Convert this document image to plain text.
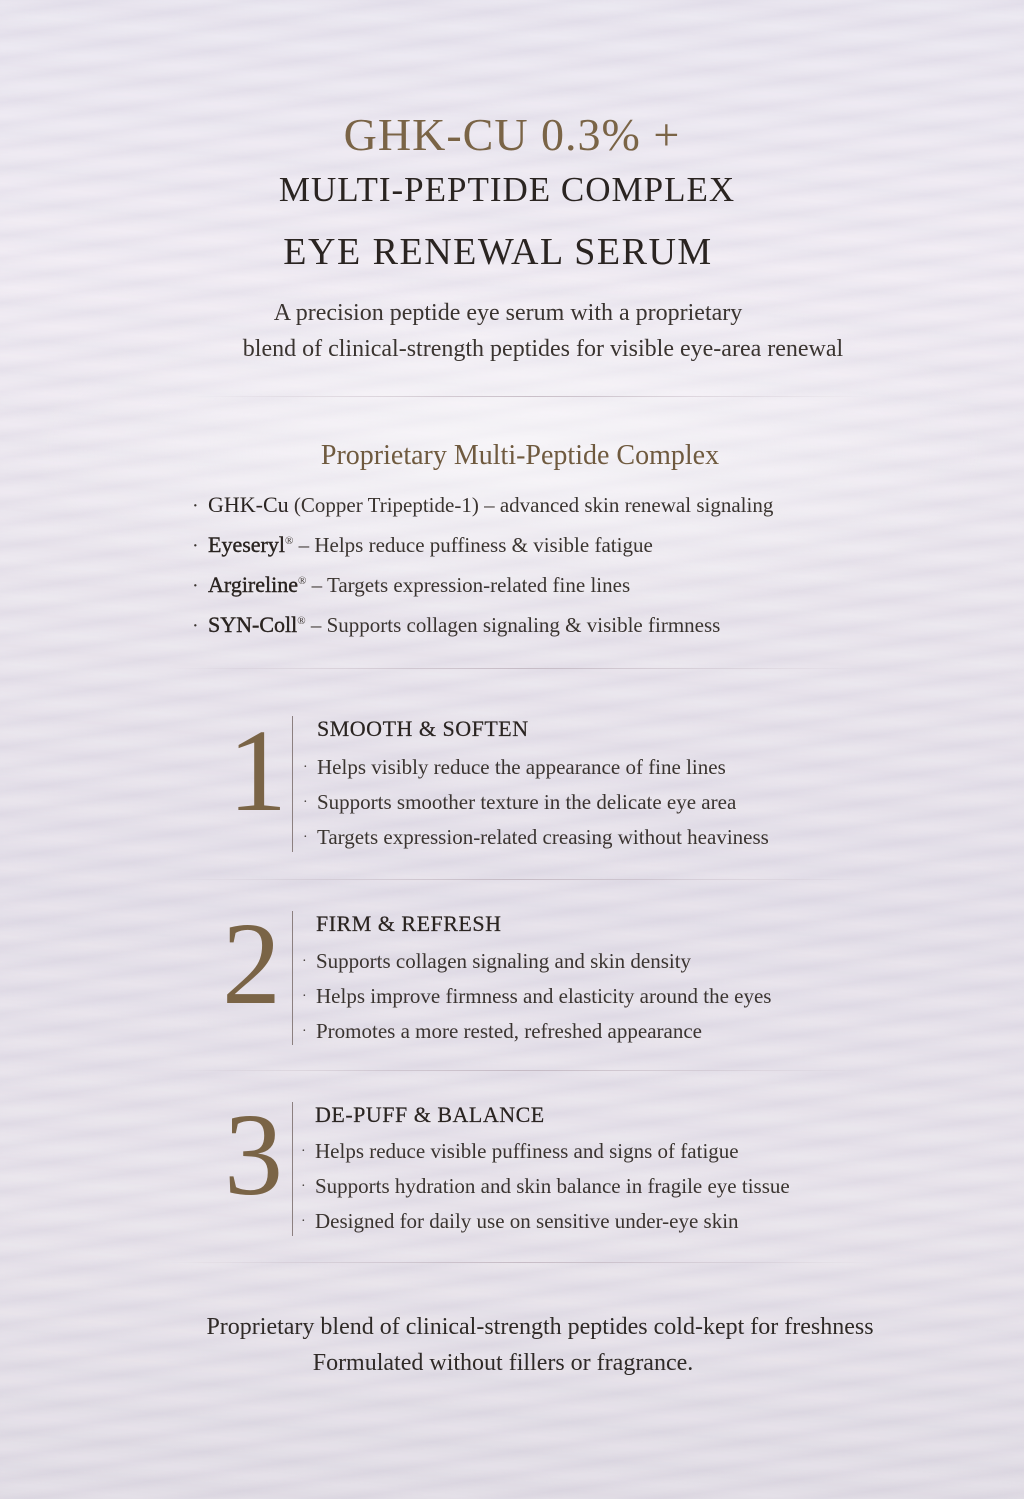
GHK-CU 0.3% +
MULTI-PEPTIDE COMPLEX
EYE RENEWAL SERUM
A precision peptide eye serum with a proprietary
blend of clinical-strength peptides for visible eye-area renewal
Proprietary Multi-Peptide Complex
· GHK-Cu (Copper Tripeptide-1) – advanced skin renewal signaling
· Eyeseryl® – Helps reduce puffiness & visible fatigue
· Argireline® – Targets expression-related fine lines
· SYN-Coll® – Supports collagen signaling & visible firmness
1 SMOOTH & SOFTEN
· Helps visibly reduce the appearance of fine lines
· Supports smoother texture in the delicate eye area
· Targets expression-related creasing without heaviness
2 FIRM & REFRESH
· Supports collagen signaling and skin density
· Helps improve firmness and elasticity around the eyes
· Promotes a more rested, refreshed appearance
3 DE-PUFF & BALANCE
· Helps reduce visible puffiness and signs of fatigue
· Supports hydration and skin balance in fragile eye tissue
· Designed for daily use on sensitive under-eye skin
Proprietary blend of clinical-strength peptides cold-kept for freshness
Formulated without fillers or fragrance.
